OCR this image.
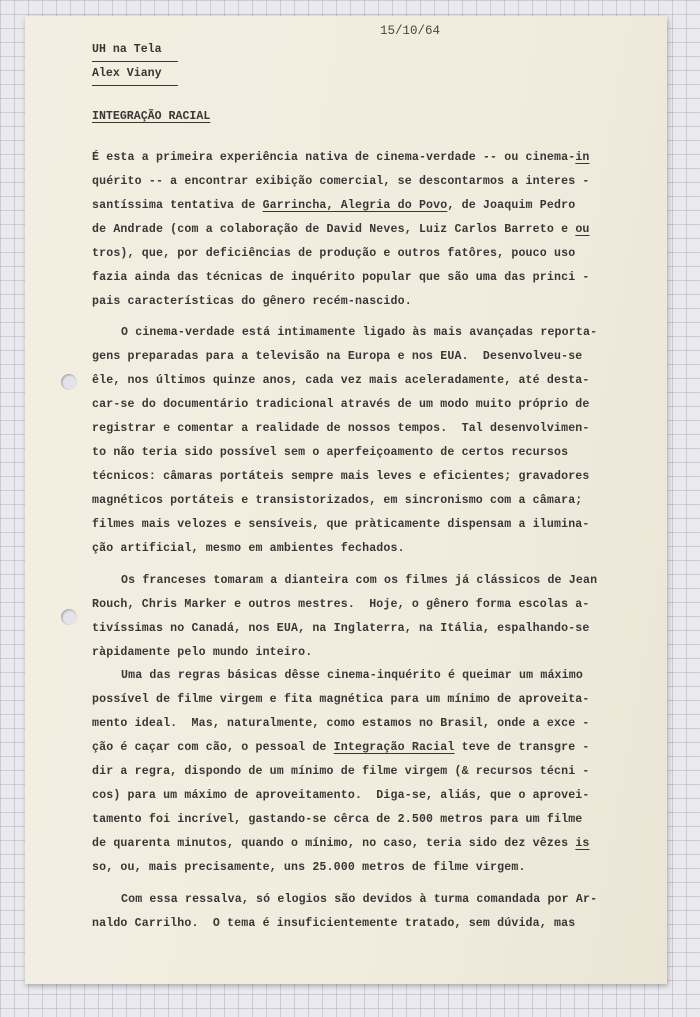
15/10/64
UH na Tela
Alex Viany
INTEGRAÇÃO RACIAL
É esta a primeira experiência nativa de cinema-verdade -- ou cinema-in
quérito -- a encontrar exibição comercial, se descontarmos a interes -
santíssima tentativa de Garrincha, Alegria do Povo, de Joaquim Pedro
de Andrade (com a colaboração de David Neves, Luiz Carlos Barreto e ou
tros), que, por deficiências de produção e outros fatôres, pouco uso
fazia ainda das técnicas de inquérito popular que são uma das princi -
pais características do gênero recém-nascido.
O cinema-verdade está intimamente ligado às mais avançadas reporta-
gens preparadas para a televisão na Europa e nos EUA.  Desenvolveu-se
êle, nos últimos quinze anos, cada vez mais aceleradamente, até desta-
car-se do documentário tradicional através de um modo muito próprio de
registrar e comentar a realidade de nossos tempos.  Tal desenvolvimen-
to não teria sido possível sem o aperfeiçoamento de certos recursos
técnicos: câmaras portáteis sempre mais leves e eficientes; gravadores
magnéticos portáteis e transistorizados, em sincronismo com a câmara;
filmes mais velozes e sensíveis, que pràticamente dispensam a ilumina-
ção artificial, mesmo em ambientes fechados.
Os franceses tomaram a dianteira com os filmes já clássicos de Jean
Rouch, Chris Marker e outros mestres.  Hoje, o gênero forma escolas a-
tivíssimas no Canadá, nos EUA, na Inglaterra, na Itália, espalhando-se
ràpidamente pelo mundo inteiro.
Uma das regras básicas dêsse cinema-inquérito é queimar um máximo
possível de filme virgem e fita magnética para um mínimo de aproveita-
mento ideal.  Mas, naturalmente, como estamos no Brasil, onde a exce -
ção é caçar com cão, o pessoal de Integração Racial teve de transgre -
dir a regra, dispondo de um mínimo de filme virgem (& recursos técni -
cos) para um máximo de aproveitamento.  Diga-se, aliás, que o aprovei-
tamento foi incrível, gastando-se cêrca de 2.500 metros para um filme
de quarenta minutos, quando o mínimo, no caso, teria sido dez vêzes is
so, ou, mais precisamente, uns 25.000 metros de filme virgem.
Com essa ressalva, só elogios são devidos à turma comandada por Ar-
naldo Carrilho.  O tema é insuficientemente tratado, sem dúvida, mas
